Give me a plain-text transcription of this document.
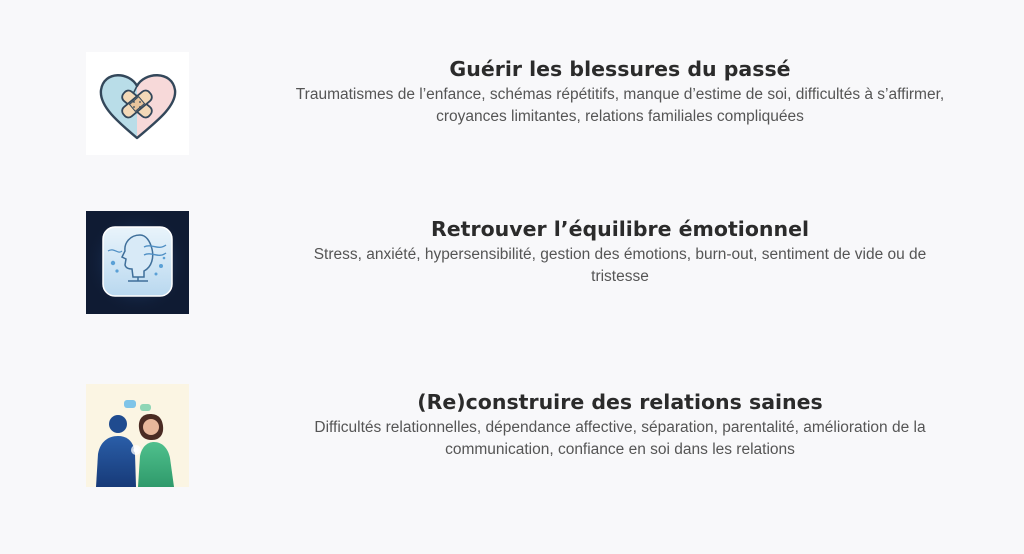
Guérir les blessures du passé

Traumatismes de l’enfance, schémas répétitifs, manque d’estime de soi, difficultés à s’affirmer,
croyances limitantes, relations familiales compliquées

Retrouver l’équilibre émotionnel

Stress, anxiété, hypersensibilité, gestion des émotions, burn-out, sentiment de vide ou de
tristesse

(Re)construire des relations saines

Difficultés relationnelles, dépendance affective, séparation, parentalité, amélioration de la
communication, confiance en soi dans les relations
